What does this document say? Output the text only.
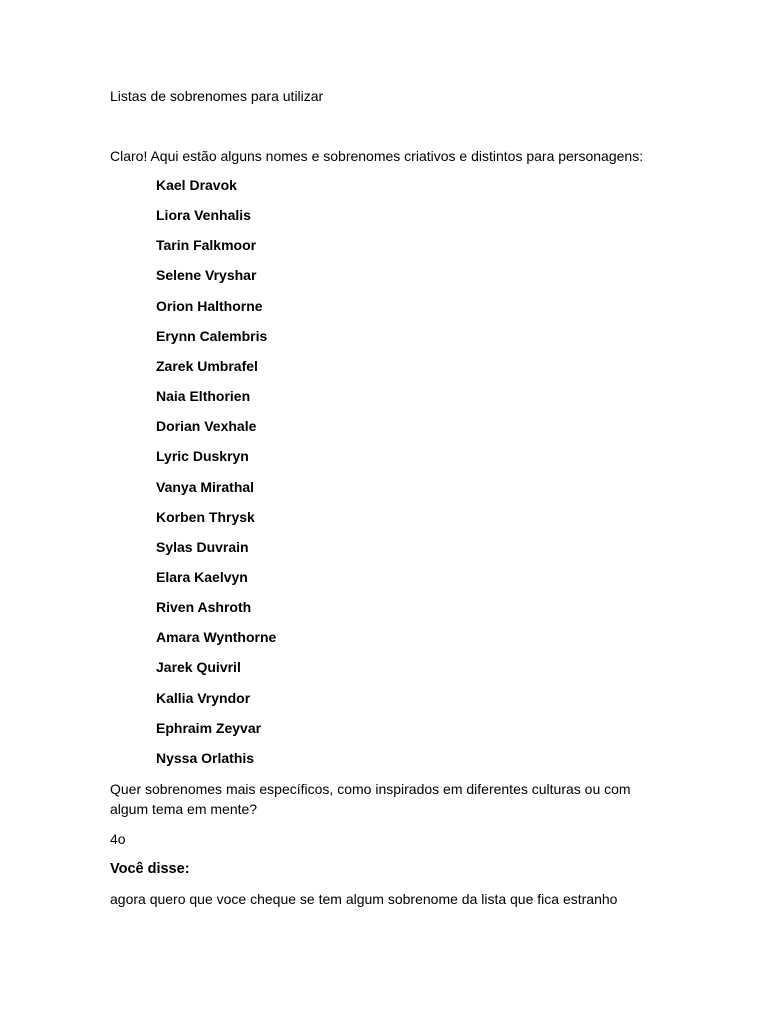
Listas de sobrenomes para utilizar
Claro! Aqui estão alguns nomes e sobrenomes criativos e distintos para personagens:
Kael Dravok
Liora Venhalis
Tarin Falkmoor
Selene Vryshar
Orion Halthorne
Erynn Calembris
Zarek Umbrafel
Naia Elthorien
Dorian Vexhale
Lyric Duskryn
Vanya Mirathal
Korben Thrysk
Sylas Duvrain
Elara Kaelvyn
Riven Ashroth
Amara Wynthorne
Jarek Quivril
Kallia Vryndor
Ephraim Zeyvar
Nyssa Orlathis
Quer sobrenomes mais específicos, como inspirados em diferentes culturas ou com algum tema em mente?
4o
Você disse:
agora quero que voce cheque se tem algum sobrenome da lista que fica estranho
